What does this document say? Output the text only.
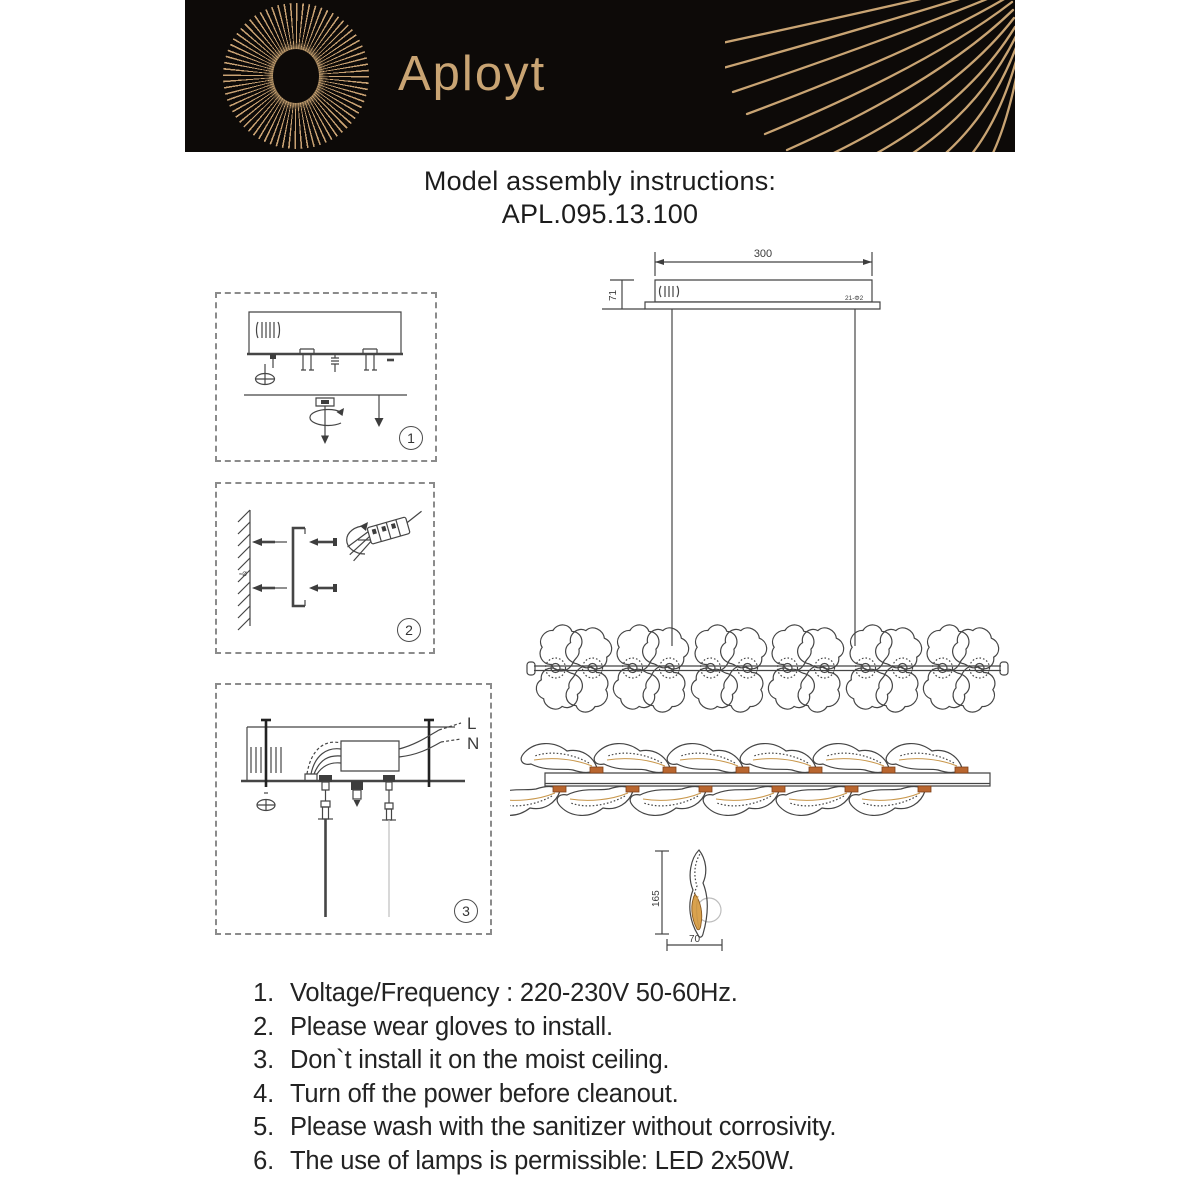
Aployt
Model assembly instructions:
APL.095.13.100
1
≈Ø
2
L
N
3
300
21-Φ2
71
165
70
1. Voltage/Frequency : 220-230V 50-60Hz.
2. Please wear gloves to install.
3. Don`t install it on the moist ceiling.
4. Turn off the power before cleanout.
5. Please wash with the sanitizer without corrosivity.
6. The use of lamps is permissible: LED 2x50W.
